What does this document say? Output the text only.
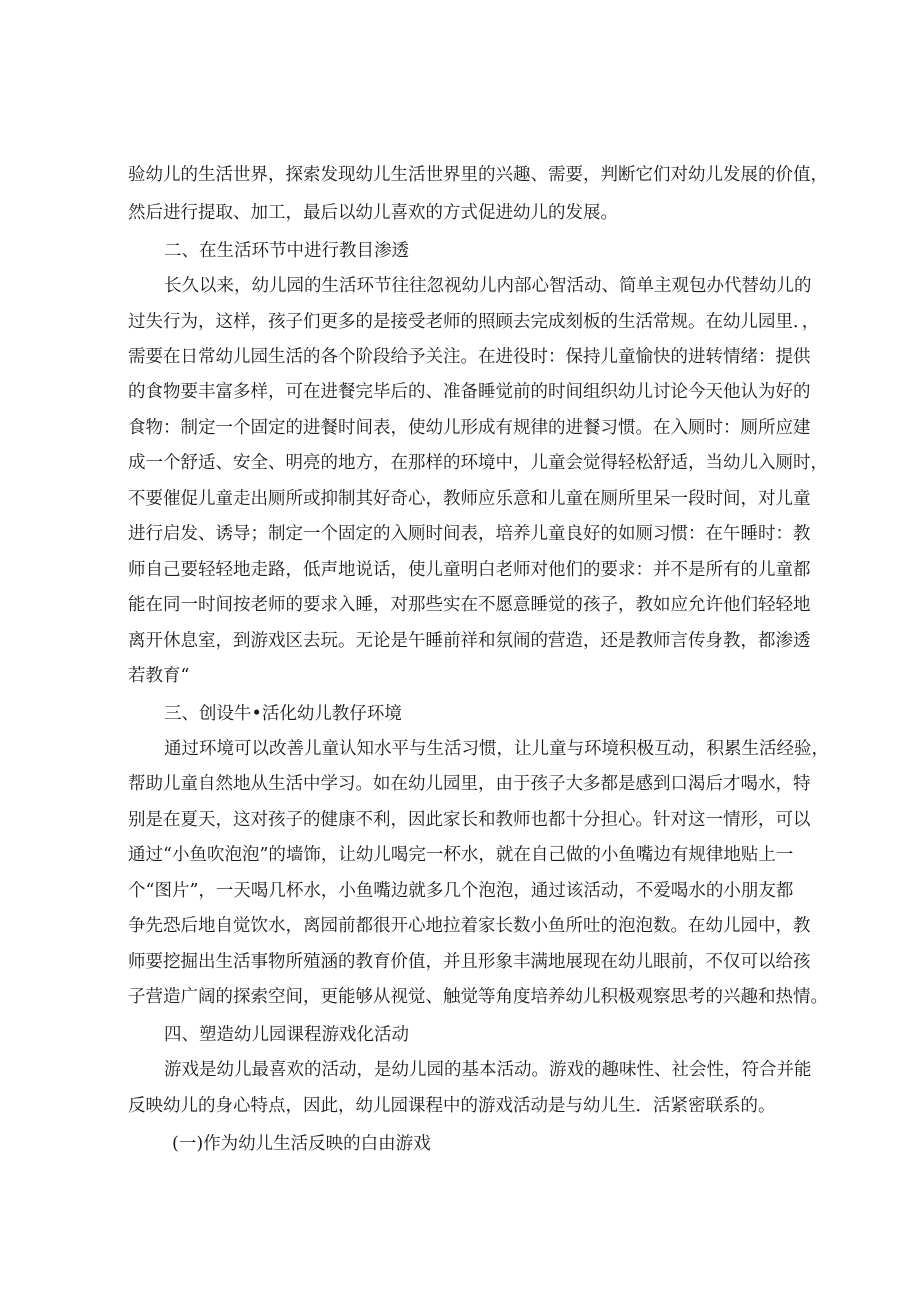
验幼儿的生活世界，探索发现幼儿生活世界里的兴趣、需要，判断它们对幼儿发展的价值，
然后进行提取、加工，最后以幼儿喜欢的方式促进幼儿的发展。
二、在生活环节中进行教目渗透
长久以来，幼儿园的生活环节往往忽视幼儿内部心智活动、简单主观包办代替幼儿的
过失行为，这样，孩子们更多的是接受老师的照顾去完成刻板的生活常规。在幼儿园里．，
需要在日常幼儿园生活的各个阶段给予关注。在进役时：保持儿童愉快的进转情绪：提供
的食物要丰富多样，可在进餐完毕后的、准备睡觉前的时间组织幼儿讨论今天他认为好的
食物：制定一个固定的进餐时间表，使幼儿形成有规律的进餐习惯。在入厕时：厕所应建
成一个舒适、安全、明亮的地方，在那样的环境中，儿童会觉得轻松舒适，当幼儿入厕时，
不要催促儿童走出厕所或抑制其好奇心，教师应乐意和儿童在厕所里呆一段时间，对儿童
进行启发、诱导；制定一个固定的入厕时间表，培养儿童良好的如厕习惯：在午睡时：教
师自己要轻轻地走路，低声地说话，使儿童明白老师对他们的要求：并不是所有的儿童都
能在同一时间按老师的要求入睡，对那些实在不愿意睡觉的孩子，教如应允许他们轻轻地
离开休息室，到游戏区去玩。无论是午睡前祥和氛闹的营造，还是教师言传身教，都渗透
若教育“
三、创设牛•活化幼儿教仔环境
通过环境可以改善儿童认知水平与生活习惯，让儿童与环境积极互动，积累生活经验，
帮助儿童自然地从生活中学习。如在幼儿园里，由于孩子大多都是感到口渴后才喝水，特
别是在夏天，这对孩子的健康不利，因此家长和教师也都十分担心。针对这一情形，可以
通过“小鱼吹泡泡”的墙饰，让幼儿喝完一杯水，就在自己做的小鱼嘴边有规律地贴上一
个“图片”，一天喝几杯水，小鱼嘴边就多几个泡泡，通过该活动，不爱喝水的小朋友都
争先恐后地自觉饮水，离园前都很开心地拉着家长数小鱼所吐的泡泡数。在幼儿园中，教
师要挖掘出生活事物所殖涵的教育价值，并且形象丰满地展现在幼儿眼前，不仅可以给孩
子营造广阔的探索空间，更能够从视觉、触觉等角度培养幼儿积极观察思考的兴趣和热情。
四、塑造幼儿园课程游戏化活动
游戏是幼儿最喜欢的活动，是幼儿园的基本活动。游戏的趣味性、社会性，符合并能
反映幼儿的身心特点，因此，幼儿园课程中的游戏活动是与幼儿生．活紧密联系的。
(一)作为幼儿生活反映的白由游戏
